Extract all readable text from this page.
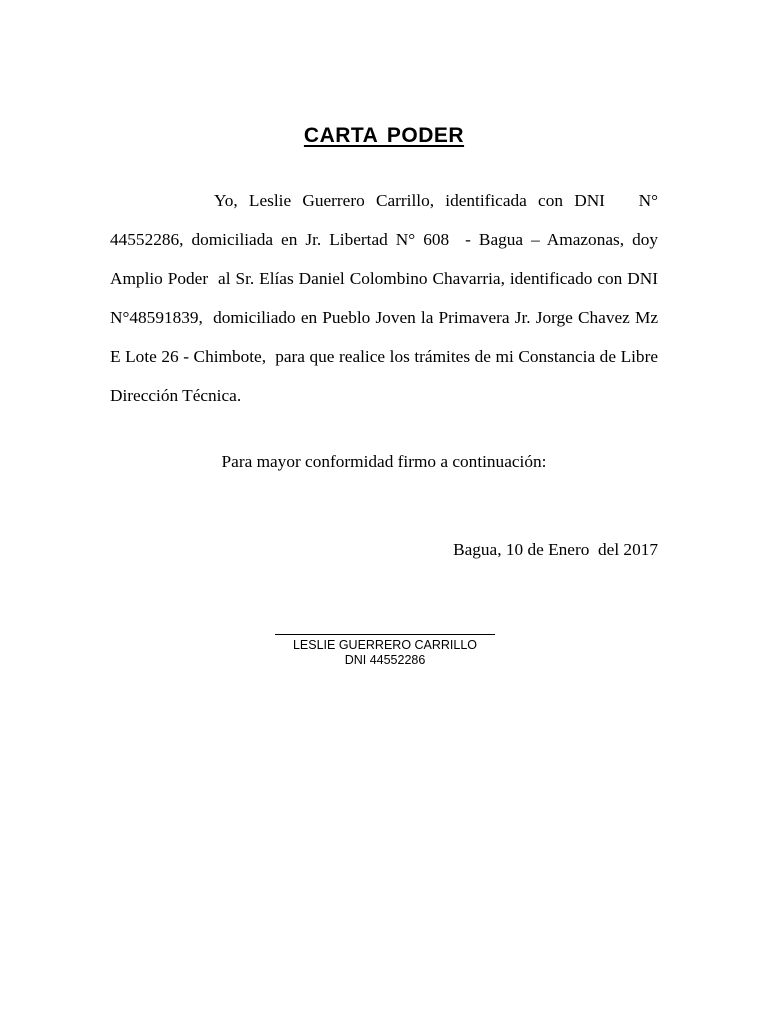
CARTA PODER

Yo, Leslie Guerrero Carrillo, identificada con DNI   N° 44552286, domiciliada en Jr. Libertad N° 608  - Bagua – Amazonas, doy Amplio Poder  al Sr. Elías Daniel Colombino Chavarria, identificado con DNI N°48591839,  domiciliado en Pueblo Joven la Primavera Jr. Jorge Chavez Mz E Lote 26 - Chimbote,  para que realice los trámites de mi Constancia de Libre Dirección Técnica.

Para mayor conformidad firmo a continuación:

Bagua, 10 de Enero  del 2017

LESLIE GUERRERO CARRILLO
DNI 44552286
